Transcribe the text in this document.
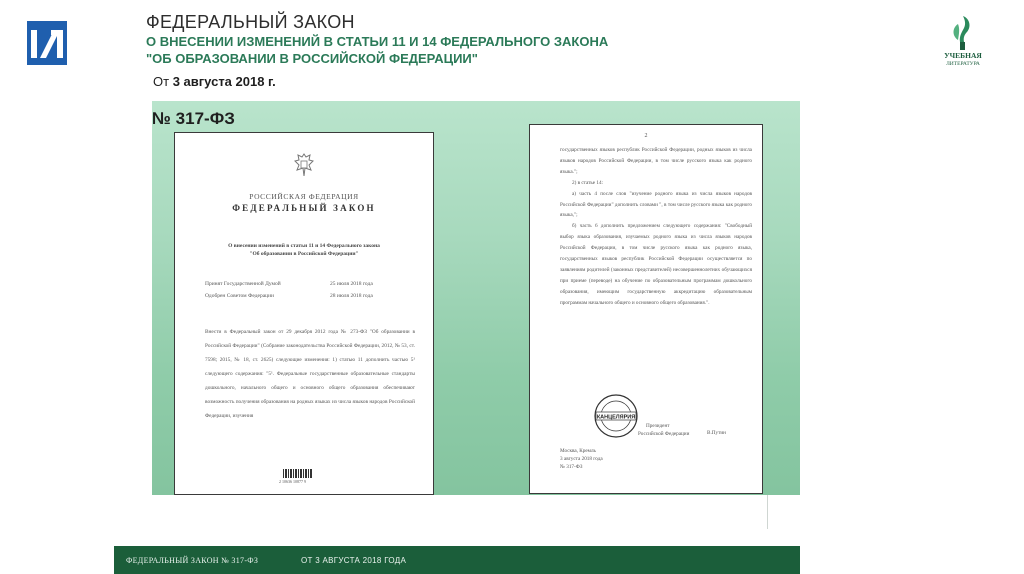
УЧЕБНАЯ
ЛИТЕРАТУРА
ФЕДЕРАЛЬНЫЙ ЗАКОН
О ВНЕСЕНИИ ИЗМЕНЕНИЙ В СТАТЬИ 11 И 14 ФЕДЕРАЛЬНОГО ЗАКОНА
"ОБ ОБРАЗОВАНИИ В РОССИЙСКОЙ ФЕДЕРАЦИИ"
От 3 августа 2018 г.
№ 317-ФЗ
РОССИЙСКАЯ ФЕДЕРАЦИЯ
ФЕДЕРАЛЬНЫЙ ЗАКОН
О внесении изменений в статьи 11 и 14 Федерального закона
"Об образовании в Российской Федерации"
Принят Государственной Думой	25 июля 2018 года
Одобрен Советом Федерации	28 июля 2018 года
Внести в Федеральный закон от 29 декабря 2012 года № 273-ФЗ "Об образовании в Российской Федерации" (Собрание законодательства Российской Федерации, 2012, № 53, ст. 7598; 2015, № 18, ст. 2625) следующие изменения: 1) статью 11 дополнить частью 5¹ следующего содержания: "5¹. Федеральные государственные образовательные стандарты дошкольного, начального общего и основного общего образования обеспечивают возможность получения образования на родных языках из числа языков народов Российской Федерации, изучения
2 10636 10877 9
2

государственных языков республик Российской Федерации, родных языков из числа языков народов Российской Федерации, в том числе русского языка как родного языка.";

2) в статье 14:

а) часть 4 после слов "изучение родного языка из числа языков народов Российской Федерации" дополнить словами ", в том числе русского языка как родного языка,";

б) часть 6 дополнить предложением следующего содержания: "Свободный выбор языка образования, изучаемых родного языка из числа языков народов Российской Федерации, в том числе русского языка как родного языка, государственных языков республик Российской Федерации осуществляется по заявлениям родителей (законных представителей) несовершеннолетних обучающихся при приеме (переводе) на обучение по образовательным программам дошкольного образования, имеющим государственную аккредитацию образовательным программам начального общего и основного общего образования.".

КАНЦЕЛЯРИЯ
Президент
Российской Федерации	В.Путин
Москва, Кремль
3 августа 2018 года
№ 317-ФЗ
ФЕДЕРАЛЬНЫЙ ЗАКОН № 317-ФЗ	ОТ 3 АВГУСТА 2018 ГОДА
